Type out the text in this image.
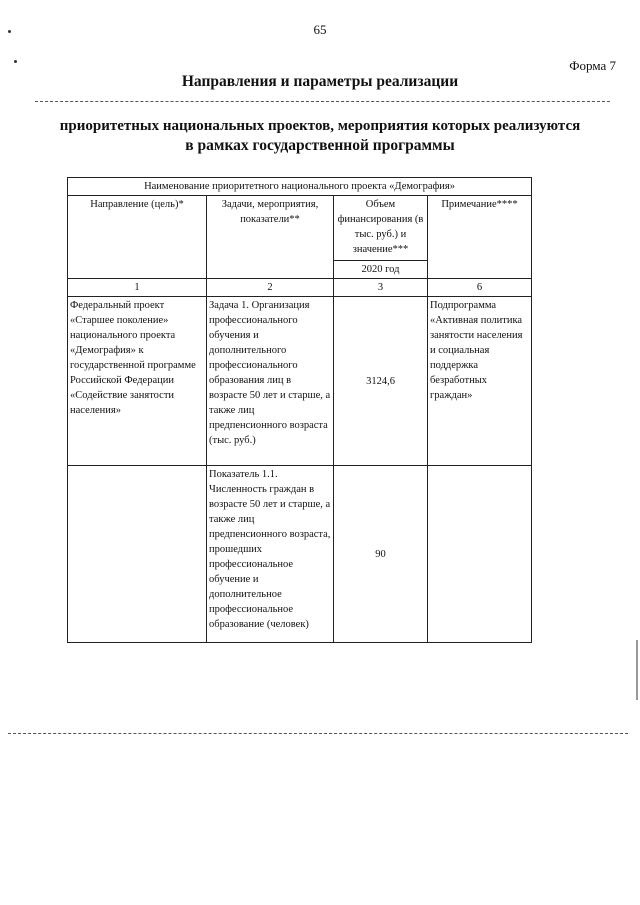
65
Форма 7
Направления и параметры реализации
приоритетных национальных проектов, мероприятия которых реализуются
в рамках государственной программы
Наименование приоритетного национального проекта «Демография»			
Направление (цель)*	Задачи, мероприятия, показатели**	Объем финансирования (в тыс. руб.) и значение***	Примечание****
		2020 год	
1	2	3	6
Федеральный проект «Старшее поколение» национального проекта «Демография» к государственной программе Российской Федерации «Содействие занятости населения»	Задача 1. Организация профессионального обучения и дополнительного профессионального образования лиц в возрасте 50 лет и старше, а также лиц предпенсионного возраста (тыс. руб.)	3124,6	Подпрограмма «Активная политика занятости населения и социальная поддержка безработных граждан»
	Показатель 1.1. Численность граждан в возрасте 50 лет и старше, а также лиц предпенсионного возраста, прошедших профессиональное обучение и дополнительное профессиональное образование (человек)	90	
